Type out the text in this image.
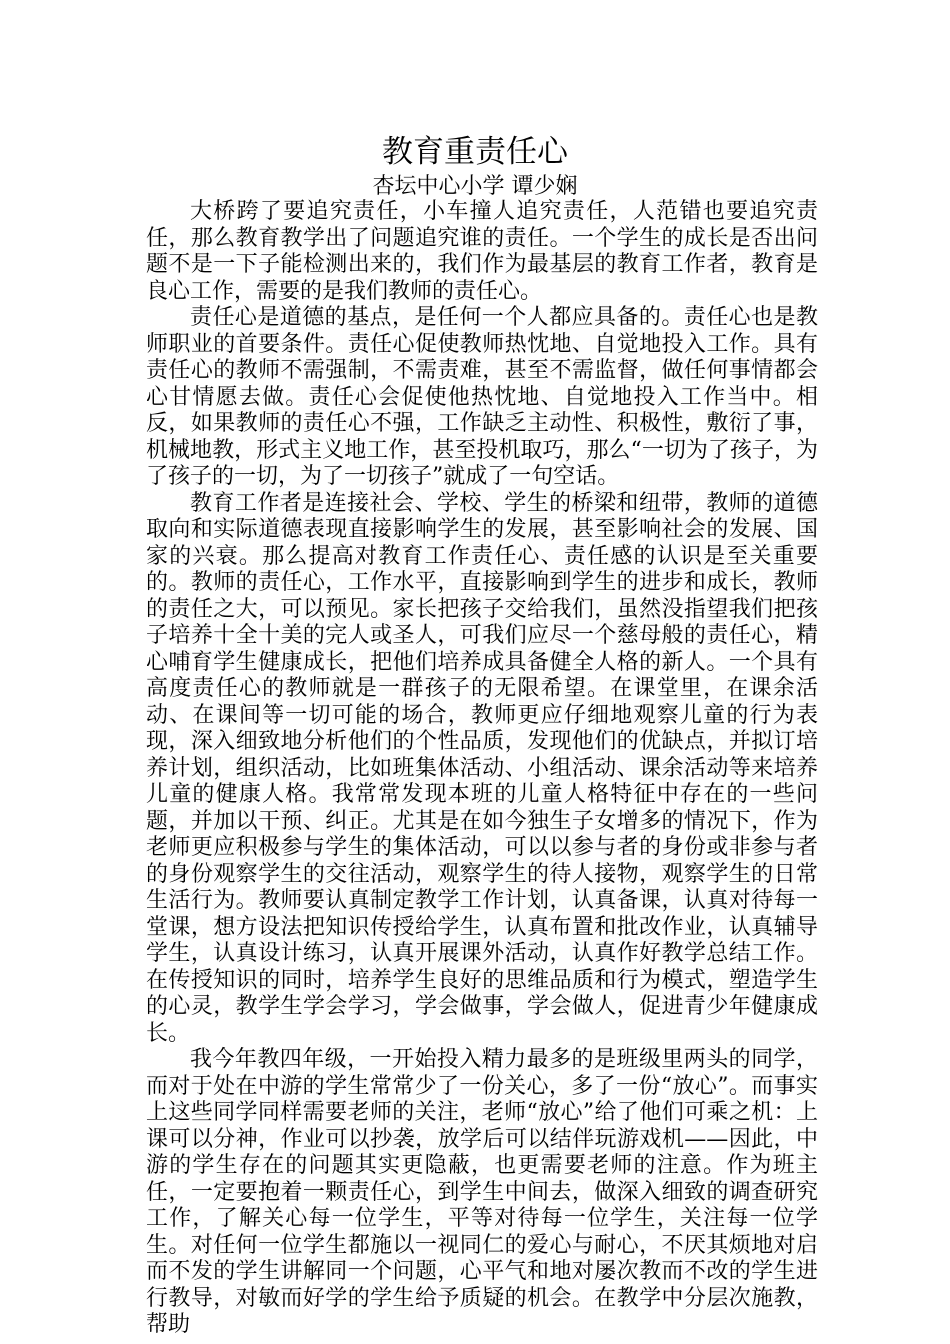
教育重责任心
杏坛中心小学 谭少娴

大桥跨了要追究责任，小车撞人追究责任，人范错也要追究责任，那么教育教学出了问题追究谁的责任。一个学生的成长是否出问题不是一下子能检测出来的，我们作为最基层的教育工作者，教育是良心工作，需要的是我们教师的责任心。

责任心是道德的基点，是任何一个人都应具备的。责任心也是教师职业的首要条件。责任心促使教师热忱地、自觉地投入工作。具有责任心的教师不需强制，不需责难，甚至不需监督，做任何事情都会心甘情愿去做。责任心会促使他热忱地、自觉地投入工作当中。相反，如果教师的责任心不强，工作缺乏主动性、积极性，敷衍了事，机械地教，形式主义地工作，甚至投机取巧，那么“一切为了孩子，为了孩子的一切，为了一切孩子”就成了一句空话。

教育工作者是连接社会、学校、学生的桥梁和纽带，教师的道德取向和实际道德表现直接影响学生的发展，甚至影响社会的发展、国家的兴衰。那么提高对教育工作责任心、责任感的认识是至关重要的。教师的责任心，工作水平，直接影响到学生的进步和成长，教师的责任之大，可以预见。家长把孩子交给我们，虽然没指望我们把孩子培养十全十美的完人或圣人，可我们应尽一个慈母般的责任心，精心哺育学生健康成长，把他们培养成具备健全人格的新人。一个具有高度责任心的教师就是一群孩子的无限希望。在课堂里，在课余活动、在课间等一切可能的场合，教师更应仔细地观察儿童的行为表现，深入细致地分析他们的个性品质，发现他们的优缺点，并拟订培养计划，组织活动，比如班集体活动、小组活动、课余活动等来培养儿童的健康人格。我常常发现本班的儿童人格特征中存在的一些问题，并加以干预、纠正。尤其是在如今独生子女增多的情况下，作为老师更应积极参与学生的集体活动，可以以参与者的身份或非参与者的身份观察学生的交往活动，观察学生的待人接物，观察学生的日常生活行为。教师要认真制定教学工作计划，认真备课，认真对待每一堂课，想方设法把知识传授给学生，认真布置和批改作业，认真辅导学生，认真设计练习，认真开展课外活动，认真作好教学总结工作。在传授知识的同时，培养学生良好的思维品质和行为模式，塑造学生的心灵，教学生学会学习，学会做事，学会做人，促进青少年健康成长。

我今年教四年级，一开始投入精力最多的是班级里两头的同学，而对于处在中游的学生常常少了一份关心，多了一份“放心”。而事实上这些同学同样需要老师的关注，老师“放心”给了他们可乘之机：上课可以分神，作业可以抄袭，放学后可以结伴玩游戏机——因此，中游的学生存在的问题其实更隐蔽，也更需要老师的注意。作为班主任，一定要抱着一颗责任心，到学生中间去，做深入细致的调查研究工作，了解关心每一位学生，平等对待每一位学生，关注每一位学生。对任何一位学生都施以一视同仁的爱心与耐心，不厌其烦地对启而不发的学生讲解同一个问题，心平气和地对屡次教而不改的学生进行教导，对敏而好学的学生给予质疑的机会。在教学中分层次施教，帮助
